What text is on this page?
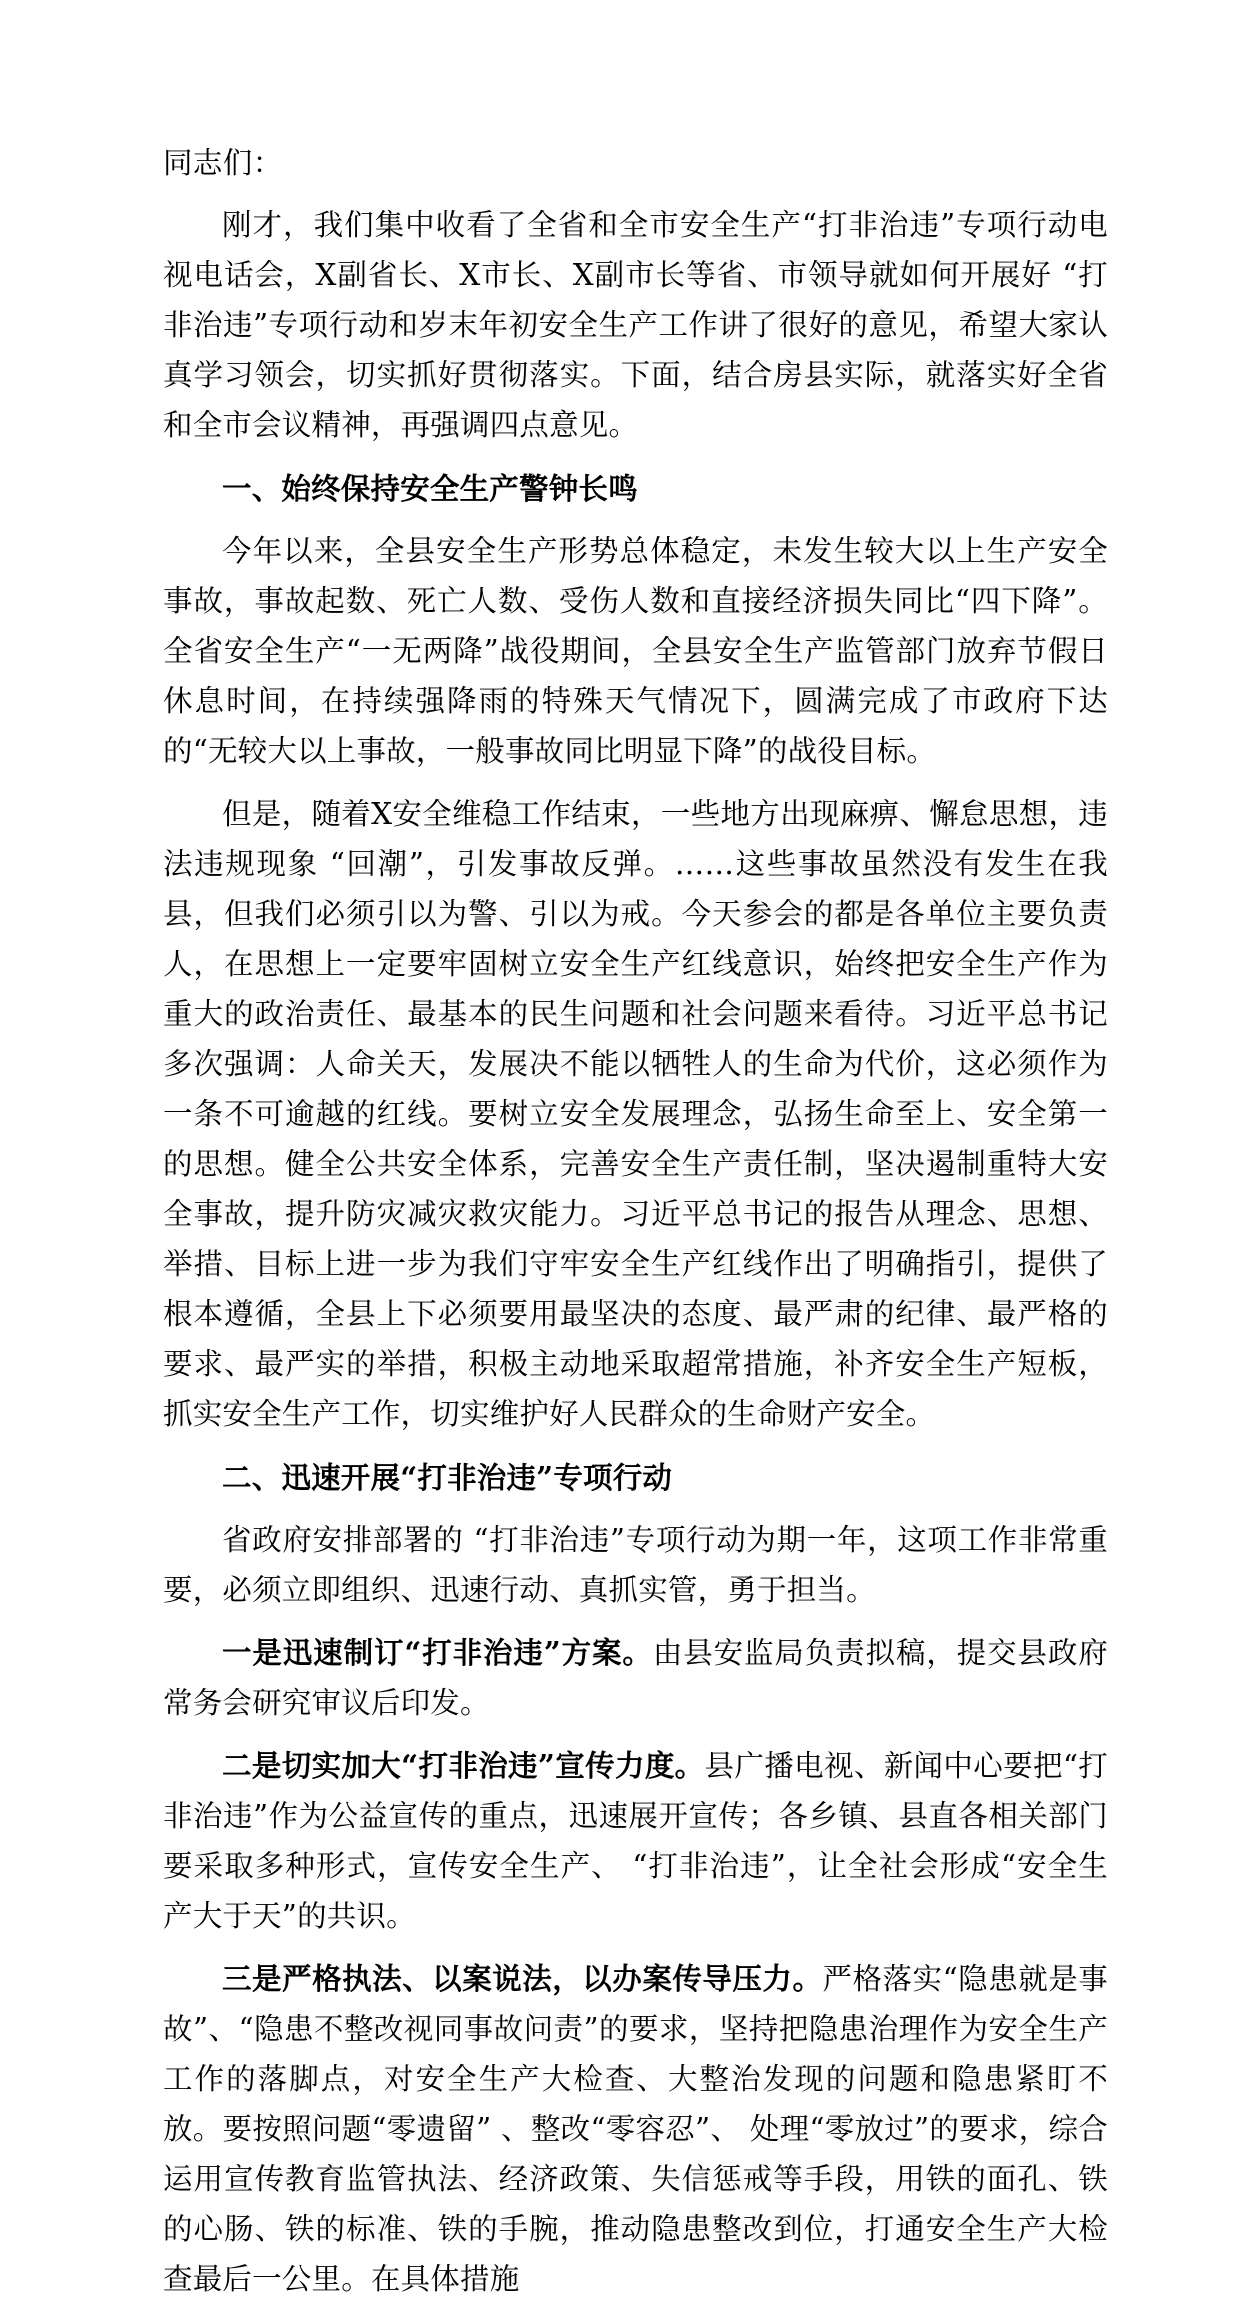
同志们：

刚才，我们集中收看了全省和全市安全生产“打非治违”专项行动电视电话会，X副省长、X市长、X副市长等省、市领导就如何开展好 “打非治违”专项行动和岁末年初安全生产工作讲了很好的意见，希望大家认真学习领会，切实抓好贯彻落实。下面，结合房县实际，就落实好全省和全市会议精神，再强调四点意见。

一、始终保持安全生产警钟长鸣

今年以来，全县安全生产形势总体稳定，未发生较大以上生产安全事故，事故起数、死亡人数、受伤人数和直接经济损失同比“四下降”。全省安全生产“一无两降”战役期间，全县安全生产监管部门放弃节假日休息时间，在持续强降雨的特殊天气情况下，圆满完成了市政府下达的“无较大以上事故，一般事故同比明显下降”的战役目标。

但是，随着X安全维稳工作结束，一些地方出现麻痹、懈怠思想，违法违规现象 “回潮”，引发事故反弹。……这些事故虽然没有发生在我县，但我们必须引以为警、引以为戒。今天参会的都是各单位主要负责人，在思想上一定要牢固树立安全生产红线意识，始终把安全生产作为重大的政治责任、最基本的民生问题和社会问题来看待。习近平总书记多次强调：人命关天，发展决不能以牺牲人的生命为代价，这必须作为一条不可逾越的红线。要树立安全发展理念，弘扬生命至上、安全第一的思想。健全公共安全体系，完善安全生产责任制，坚决遏制重特大安全事故，提升防灾减灾救灾能力。习近平总书记的报告从理念、思想、举措、目标上进一步为我们守牢安全生产红线作出了明确指引，提供了根本遵循，全县上下必须要用最坚决的态度、最严肃的纪律、最严格的要求、最严实的举措，积极主动地采取超常措施，补齐安全生产短板，抓实安全生产工作，切实维护好人民群众的生命财产安全。

二、迅速开展“打非治违”专项行动

省政府安排部署的 “打非治违”专项行动为期一年，这项工作非常重要，必须立即组织、迅速行动、真抓实管，勇于担当。

一是迅速制订“打非治违”方案。由县安监局负责拟稿，提交县政府常务会研究审议后印发。

二是切实加大“打非治违”宣传力度。县广播电视、新闻中心要把“打非治违”作为公益宣传的重点，迅速展开宣传；各乡镇、县直各相关部门要采取多种形式，宣传安全生产、 “打非治违”，让全社会形成“安全生产大于天”的共识。

三是严格执法、以案说法，以办案传导压力。严格落实“隐患就是事故”、“隐患不整改视同事故问责”的要求，坚持把隐患治理作为安全生产工作的落脚点，对安全生产大检查、大整治发现的问题和隐患紧盯不放。要按照问题“零遗留” 、整改“零容忍”、 处理“零放过”的要求，综合运用宣传教育监管执法、经济政策、失信惩戒等手段，用铁的面孔、铁的心肠、铁的标准、铁的手腕，推动隐患整改到位，打通安全生产大检查最后一公里。在具体措施
